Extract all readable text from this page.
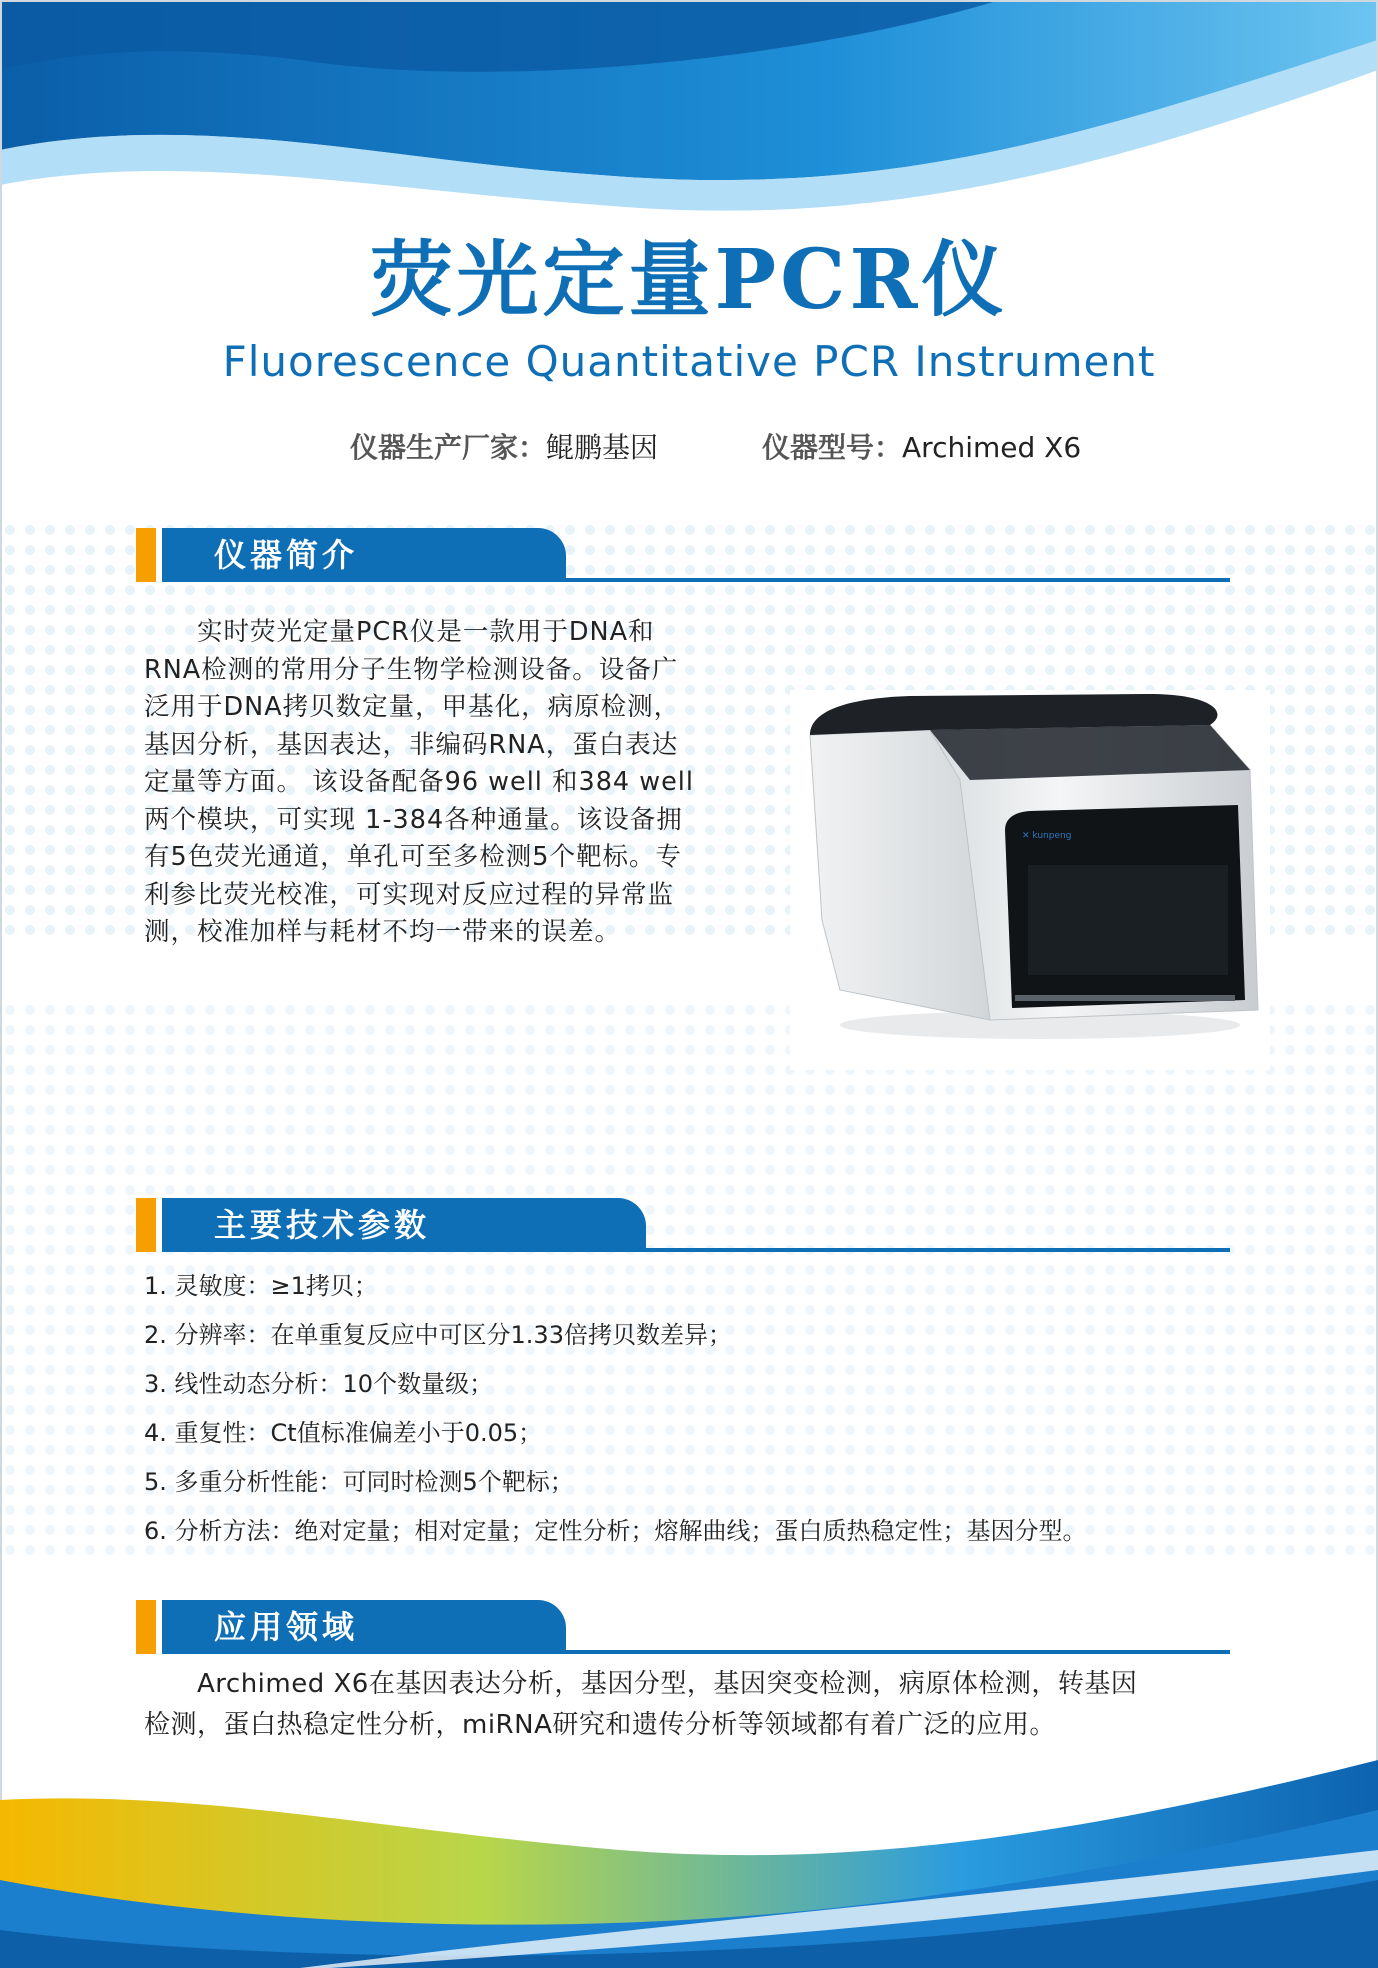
荧光定量PCR仪
Fluorescence Quantitative PCR Instrument
仪器生产厂家：鲲鹏基因	仪器型号：Archimed X6
仪器简介
　　实时荧光定量PCR仪是一款用于DNA和
RNA检测的常用分子生物学检测设备。设备广
泛用于DNA拷贝数定量，甲基化，病原检测，
基因分析，基因表达，非编码RNA，蛋白表达
定量等方面。 该设备配备96 well 和384 well
两个模块，可实现 1-384各种通量。该设备拥
有5色荧光通道，单孔可至多检测5个靶标。专
利参比荧光校准，可实现对反应过程的异常监
测，校准加样与耗材不均一带来的误差。
✕ kunpeng
主要技术参数
1. 灵敏度：≥1拷贝；
2. 分辨率：在单重复反应中可区分1.33倍拷贝数差异；
3. 线性动态分析：10个数量级；
4. 重复性：Ct值标准偏差小于0.05；
5. 多重分析性能：可同时检测5个靶标；
6. 分析方法：绝对定量；相对定量；定性分析；熔解曲线；蛋白质热稳定性；基因分型。
应用领域
　　Archimed X6在基因表达分析，基因分型，基因突变检测，病原体检测，转基因
检测，蛋白热稳定性分析，miRNA研究和遗传分析等领域都有着广泛的应用。
